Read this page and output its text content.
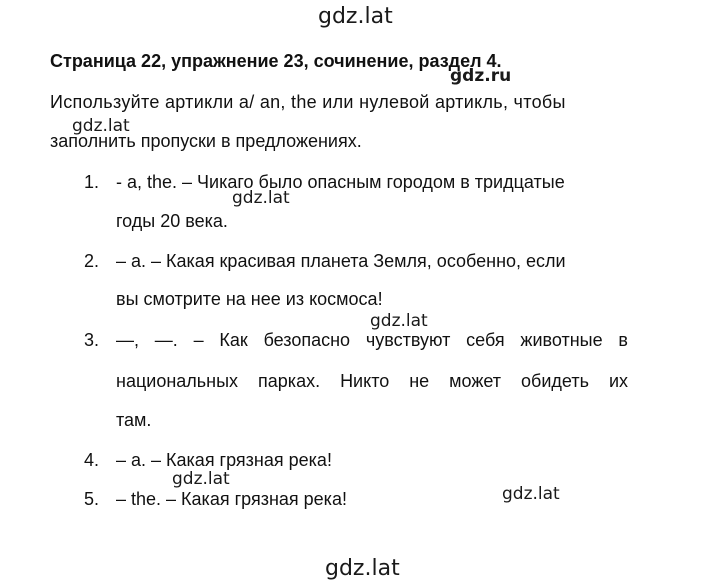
gdz.lat
Страница 22, упражнение 23, сочинение, раздел 4.
gdz.ru
Используйте артикли a/ an, the или нулевой артикль, чтобы
gdz.lat
заполнить пропуски в предложениях.
1. - a, the. – Чикаго было опасным городом в тридцатые
gdz.lat
годы 20 века.
2. – a. – Какая красивая планета Земля, особенно, если
вы смотрите на нее из космоса!
gdz.lat
3. —, —. – Как безопасно чувствуют себя животные в
национальных парках. Никто не может обидеть их
там.
4. – a. – Какая грязная река!
gdz.lat
5. – the. – Какая грязная река!	gdz.lat
gdz.lat
